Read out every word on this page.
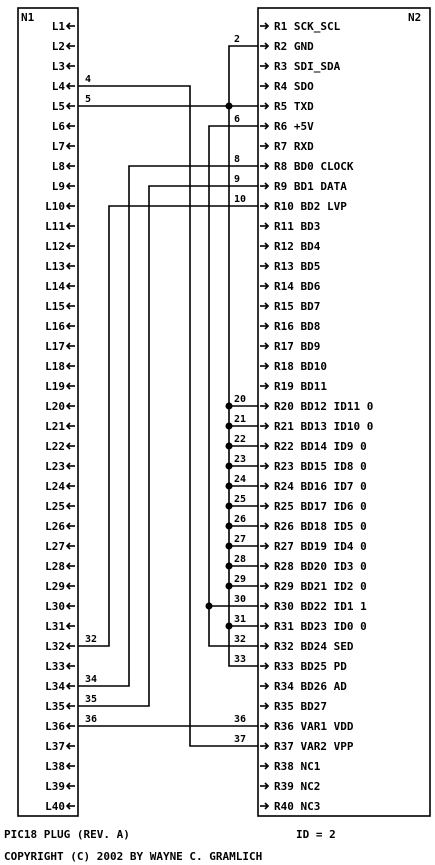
N1	N2
L1
L2
L3
L4
L5
L6
L7
L8
L9
L10
L11
L12
L13
L14
L15
L16
L17
L18
L19
L20
L21
L22
L23
L24
L25
L26
L27
L28
L29
L30
L31
L32
L33
L34
L35
L36
L37
L38
L39
L40
R1 SCK_SCL
R2 GND
R3 SDI_SDA
R4 SDO
R5 TXD
R6 +5V
R7 RXD
R8 BD0 CLOCK
R9 BD1 DATA
R10 BD2 LVP
R11 BD3
R12 BD4
R13 BD5
R14 BD6
R15 BD7
R16 BD8
R17 BD9
R18 BD10
R19 BD11
R20 BD12 ID11 0
R21 BD13 ID10 0
R22 BD14 ID9 0
R23 BD15 ID8 0
R24 BD16 ID7 0
R25 BD17 ID6 0
R26 BD18 ID5 0
R27 BD19 ID4 0
R28 BD20 ID3 0
R29 BD21 ID2 0
R30 BD22 ID1 1
R31 BD23 ID0 0
R32 BD24 SED
R33 BD25 PD
R34 BD26 AD
R35 BD27
R36 VAR1 VDD
R37 VAR2 VPP
R38 NC1
R39 NC2
R40 NC3
2
4
5
6
8
9
10
20
21
22
23
24
25
26
27
28
29
30
31
32
33
32
34
35
36	36
37
PIC18 PLUG (REV. A)	ID = 2
COPYRIGHT (C) 2002 BY WAYNE C. GRAMLICH
